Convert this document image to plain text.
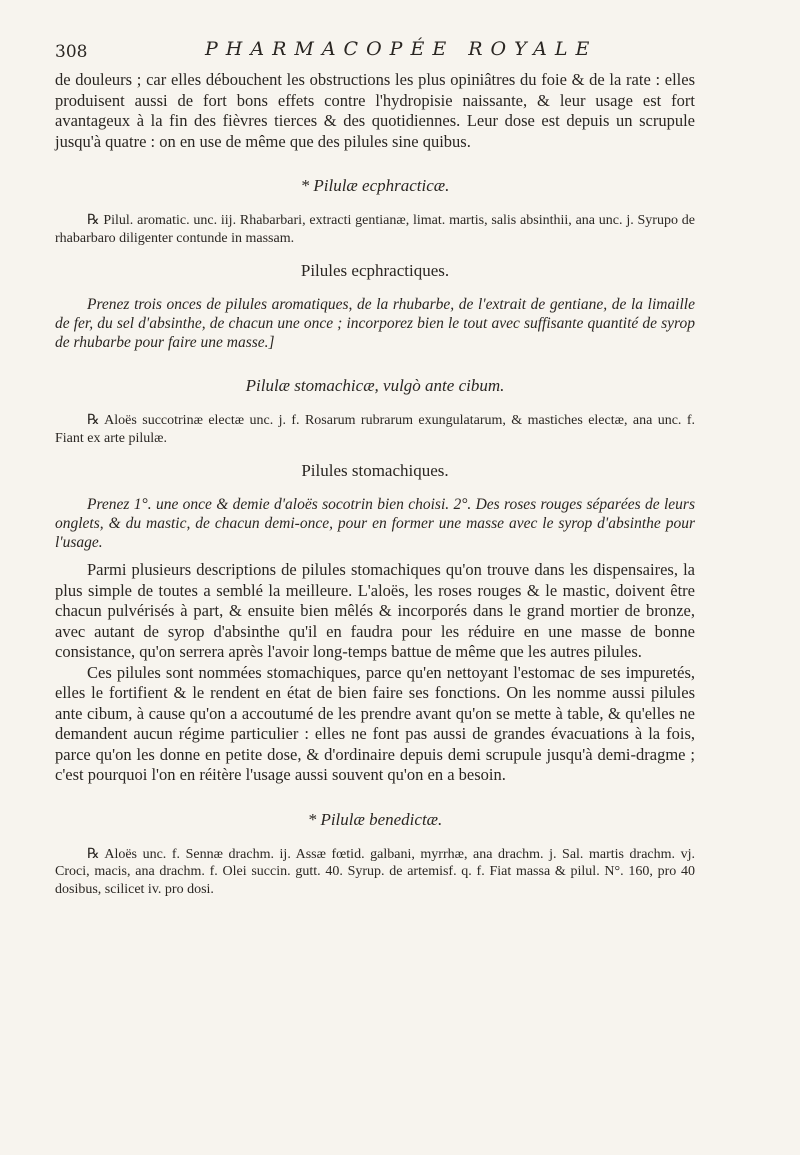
308	PHARMACOPÉE ROYALE

de douleurs ; car elles débouchent les obstructions les plus opiniâtres du foie & de la rate : elles produisent aussi de fort bons effets contre l'hydropisie naissante, & leur usage est fort avantageux à la fin des fièvres tierces & des quotidiennes. Leur dose est depuis un scrupule jusqu'à quatre : on en use de même que des pilules sine quibus.

* Pilulæ ecphracticæ.

℞ Pilul. aromatic. unc. iij. Rhabarbari, extracti gentianæ, limat. martis, salis absinthii, ana unc. j. Syrupo de rhabarbaro diligenter contunde in massam.

Pilules ecphractiques.

Prenez trois onces de pilules aromatiques, de la rhubarbe, de l'extrait de gentiane, de la limaille de fer, du sel d'absinthe, de chacun une once ; incorporez bien le tout avec suffisante quantité de syrop de rhubarbe pour faire une masse.]

Pilulæ stomachicæ, vulgò ante cibum.

℞ Aloës succotrinæ electæ unc. j. f. Rosarum rubrarum exungulatarum, & mastiches electæ, ana unc. f. Fiant ex arte pilulæ.

Pilules stomachiques.

Prenez 1°. une once & demie d'aloës socotrin bien choisi. 2°. Des roses rouges séparées de leurs onglets, & du mastic, de chacun demi-once, pour en former une masse avec le syrop d'absinthe pour l'usage.

Parmi plusieurs descriptions de pilules stomachiques qu'on trouve dans les dispensaires, la plus simple de toutes a semblé la meilleure. L'aloës, les roses rouges & le mastic, doivent être chacun pulvérisés à part, & ensuite bien mêlés & incorporés dans le grand mortier de bronze, avec autant de syrop d'absinthe qu'il en faudra pour les réduire en une masse de bonne consistance, qu'on serrera après l'avoir long-temps battue de même que les autres pilules.

Ces pilules sont nommées stomachiques, parce qu'en nettoyant l'estomac de ses impuretés, elles le fortifient & le rendent en état de bien faire ses fonctions. On les nomme aussi pilules ante cibum, à cause qu'on a accoutumé de les prendre avant qu'on se mette à table, & qu'elles ne demandent aucun régime particulier : elles ne font pas aussi de grandes évacuations à la fois, parce qu'on les donne en petite dose, & d'ordinaire depuis demi scrupule jusqu'à demi-dragme ; c'est pourquoi l'on en réitère l'usage aussi souvent qu'on en a besoin.

* Pilulæ benedictæ.

℞ Aloës unc. f. Sennæ drachm. ij. Assæ fœtid. galbani, myrrhæ, ana drachm. j. Sal. martis drachm. vj. Croci, macis, ana drachm. f. Olei succin. gutt. 40. Syrup. de artemisf. q. f. Fiat massa & pilul. N°. 160, pro 40 dosibus, scilicet iv. pro dosi.
